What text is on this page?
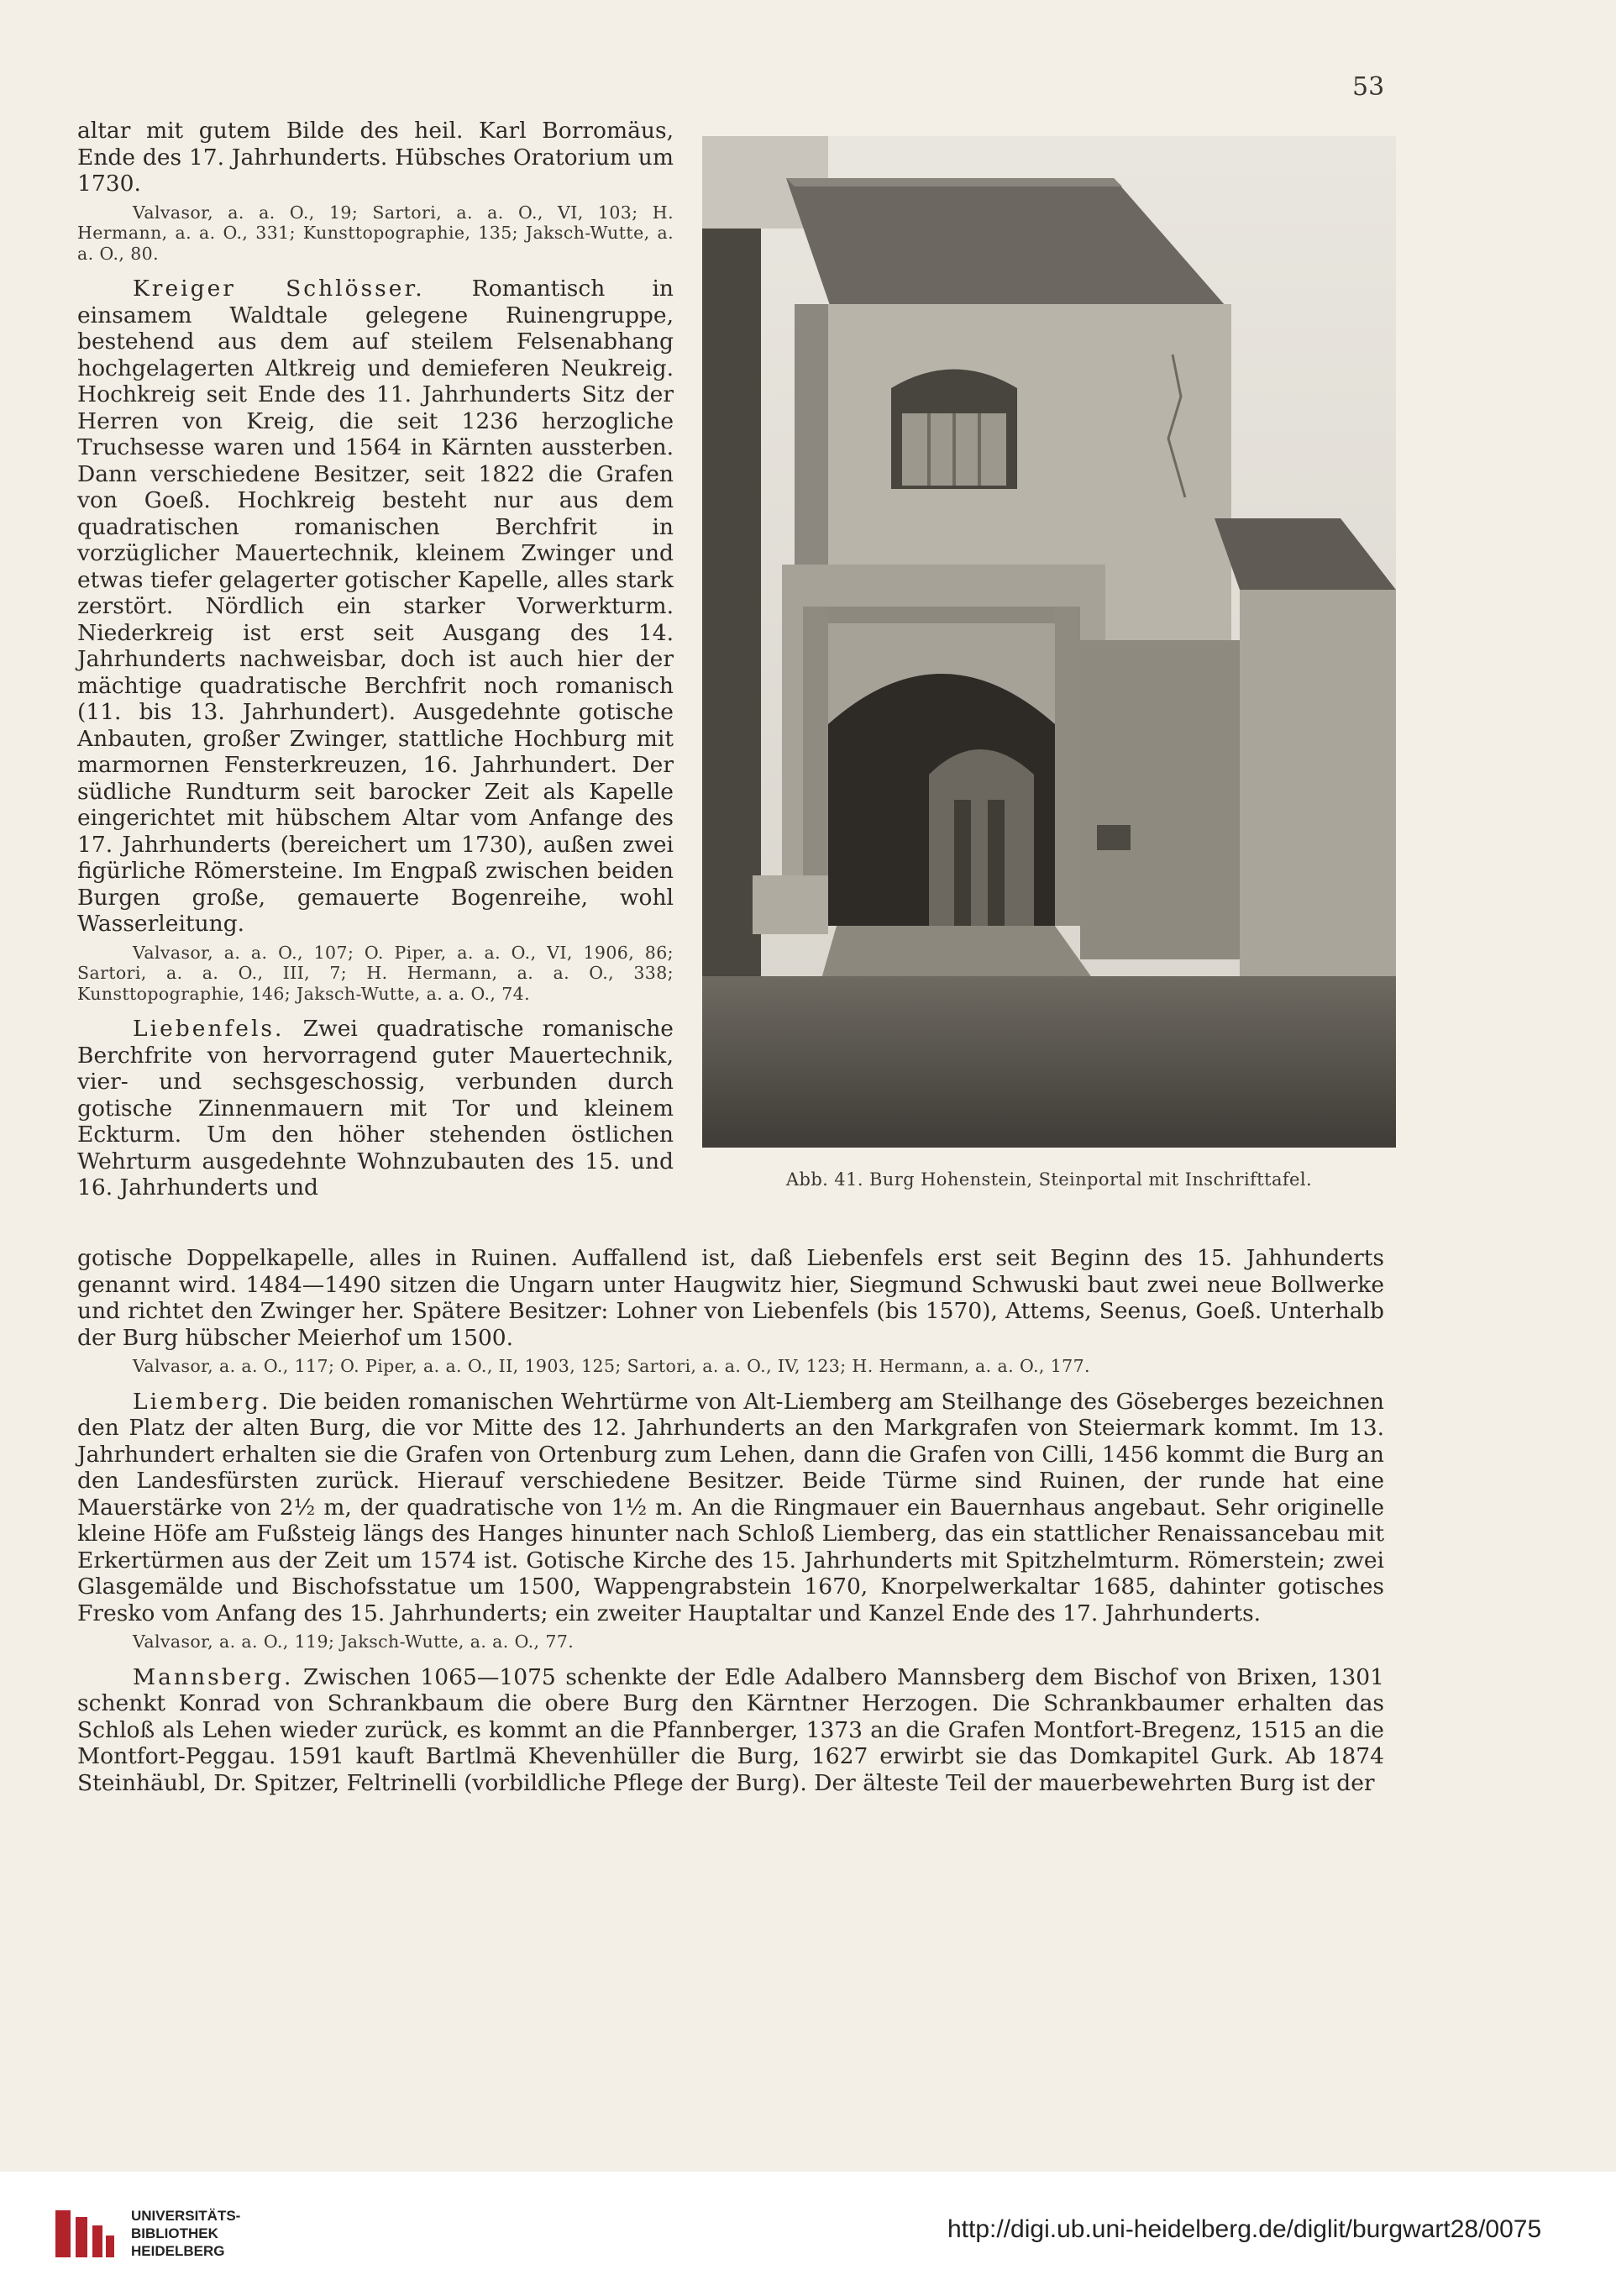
53

altar mit gutem Bilde des heil. Karl Borromäus, Ende des 17. Jahrhunderts. Hübsches Oratorium um 1730.

Valvasor, a. a. O., 19; Sartori, a. a. O., VI, 103; H. Hermann, a. a. O., 331; Kunsttopographie, 135; Jaksch-Wutte, a. a. O., 80.

Kreiger Schlösser. Romantisch in einsamem Waldtale gelegene Ruinengruppe, bestehend aus dem auf steilem Felsenabhang hochgelagerten Altkreig und demieferen Neukreig. Hochkreig seit Ende des 11. Jahrhunderts Sitz der Herren von Kreig, die seit 1236 herzogliche Truchsesse waren und 1564 in Kärnten aussterben. Dann verschiedene Besitzer, seit 1822 die Grafen von Goeß. Hochkreig besteht nur aus dem quadratischen romanischen Berchfrit in vorzüglicher Mauertechnik, kleinem Zwinger und etwas tiefer gelagerter gotischer Kapelle, alles stark zerstört. Nördlich ein starker Vorwerkturm. Niederkreig ist erst seit Ausgang des 14. Jahrhunderts nachweisbar, doch ist auch hier der mächtige quadratische Berchfrit noch romanisch (11. bis 13. Jahrhundert). Ausgedehnte gotische Anbauten, großer Zwinger, stattliche Hochburg mit marmornen Fensterkreuzen, 16. Jahrhundert. Der südliche Rundturm seit barocker Zeit als Kapelle eingerichtet mit hübschem Altar vom Anfange des 17. Jahrhunderts (bereichert um 1730), außen zwei figürliche Römersteine. Im Engpaß zwischen beiden Burgen große, gemauerte Bogenreihe, wohl Wasserleitung.

Valvasor, a. a. O., 107; O. Piper, a. a. O., VI, 1906, 86; Sartori, a. a. O., III, 7; H. Hermann, a. a. O., 338; Kunsttopographie, 146; Jaksch-Wutte, a. a. O., 74.

Liebenfels. Zwei quadratische romanische Berchfrite von hervorragend guter Mauertechnik, vier- und sechsgeschossig, verbunden durch gotische Zinnenmauern mit Tor und kleinem Eckturm. Um den höher stehenden östlichen Wehrturm ausgedehnte Wohnzubauten des 15. und 16. Jahrhunderts und	Abb. 41. Burg Hohenstein, Steinportal mit Inschrifttafel.

gotische Doppelkapelle, alles in Ruinen. Auffallend ist, daß Liebenfels erst seit Beginn des 15. Jahhunderts genannt wird. 1484—1490 sitzen die Ungarn unter Haugwitz hier, Siegmund Schwuski baut zwei neue Bollwerke und richtet den Zwinger her. Spätere Besitzer: Lohner von Liebenfels (bis 1570), Attems, Seenus, Goeß. Unterhalb der Burg hübscher Meierhof um 1500.

Valvasor, a. a. O., 117; O. Piper, a. a. O., II, 1903, 125; Sartori, a. a. O., IV, 123; H. Hermann, a. a. O., 177.

Liemberg. Die beiden romanischen Wehrtürme von Alt-Liemberg am Steilhange des Göseberges bezeichnen den Platz der alten Burg, die vor Mitte des 12. Jahrhunderts an den Markgrafen von Steiermark kommt. Im 13. Jahrhundert erhalten sie die Grafen von Ortenburg zum Lehen, dann die Grafen von Cilli, 1456 kommt die Burg an den Landesfürsten zurück. Hierauf verschiedene Besitzer. Beide Türme sind Ruinen, der runde hat eine Mauerstärke von 2½ m, der quadratische von 1½ m. An die Ringmauer ein Bauernhaus angebaut. Sehr originelle kleine Höfe am Fußsteig längs des Hanges hinunter nach Schloß Liemberg, das ein stattlicher Renaissancebau mit Erkertürmen aus der Zeit um 1574 ist. Gotische Kirche des 15. Jahrhunderts mit Spitzhelmturm. Römerstein; zwei Glasgemälde und Bischofsstatue um 1500, Wappengrabstein 1670, Knorpelwerkaltar 1685, dahinter gotisches Fresko vom Anfang des 15. Jahrhunderts; ein zweiter Hauptaltar und Kanzel Ende des 17. Jahrhunderts.

Valvasor, a. a. O., 119; Jaksch-Wutte, a. a. O., 77.

Mannsberg. Zwischen 1065—1075 schenkte der Edle Adalbero Mannsberg dem Bischof von Brixen, 1301 schenkt Konrad von Schrankbaum die obere Burg den Kärntner Herzogen. Die Schrankbaumer erhalten das Schloß als Lehen wieder zurück, es kommt an die Pfannberger, 1373 an die Grafen Montfort-Bregenz, 1515 an die Montfort-Peggau. 1591 kauft Bartlmä Khevenhüller die Burg, 1627 erwirbt sie das Domkapitel Gurk. Ab 1874 Steinhäubl, Dr. Spitzer, Feltrinelli (vorbildliche Pflege der Burg). Der älteste Teil der mauerbewehrten Burg ist der

UNIVERSITÄTS-
BIBLIOTHEK
HEIDELBERG
http://digi.ub.uni-heidelberg.de/diglit/burgwart28/0075
